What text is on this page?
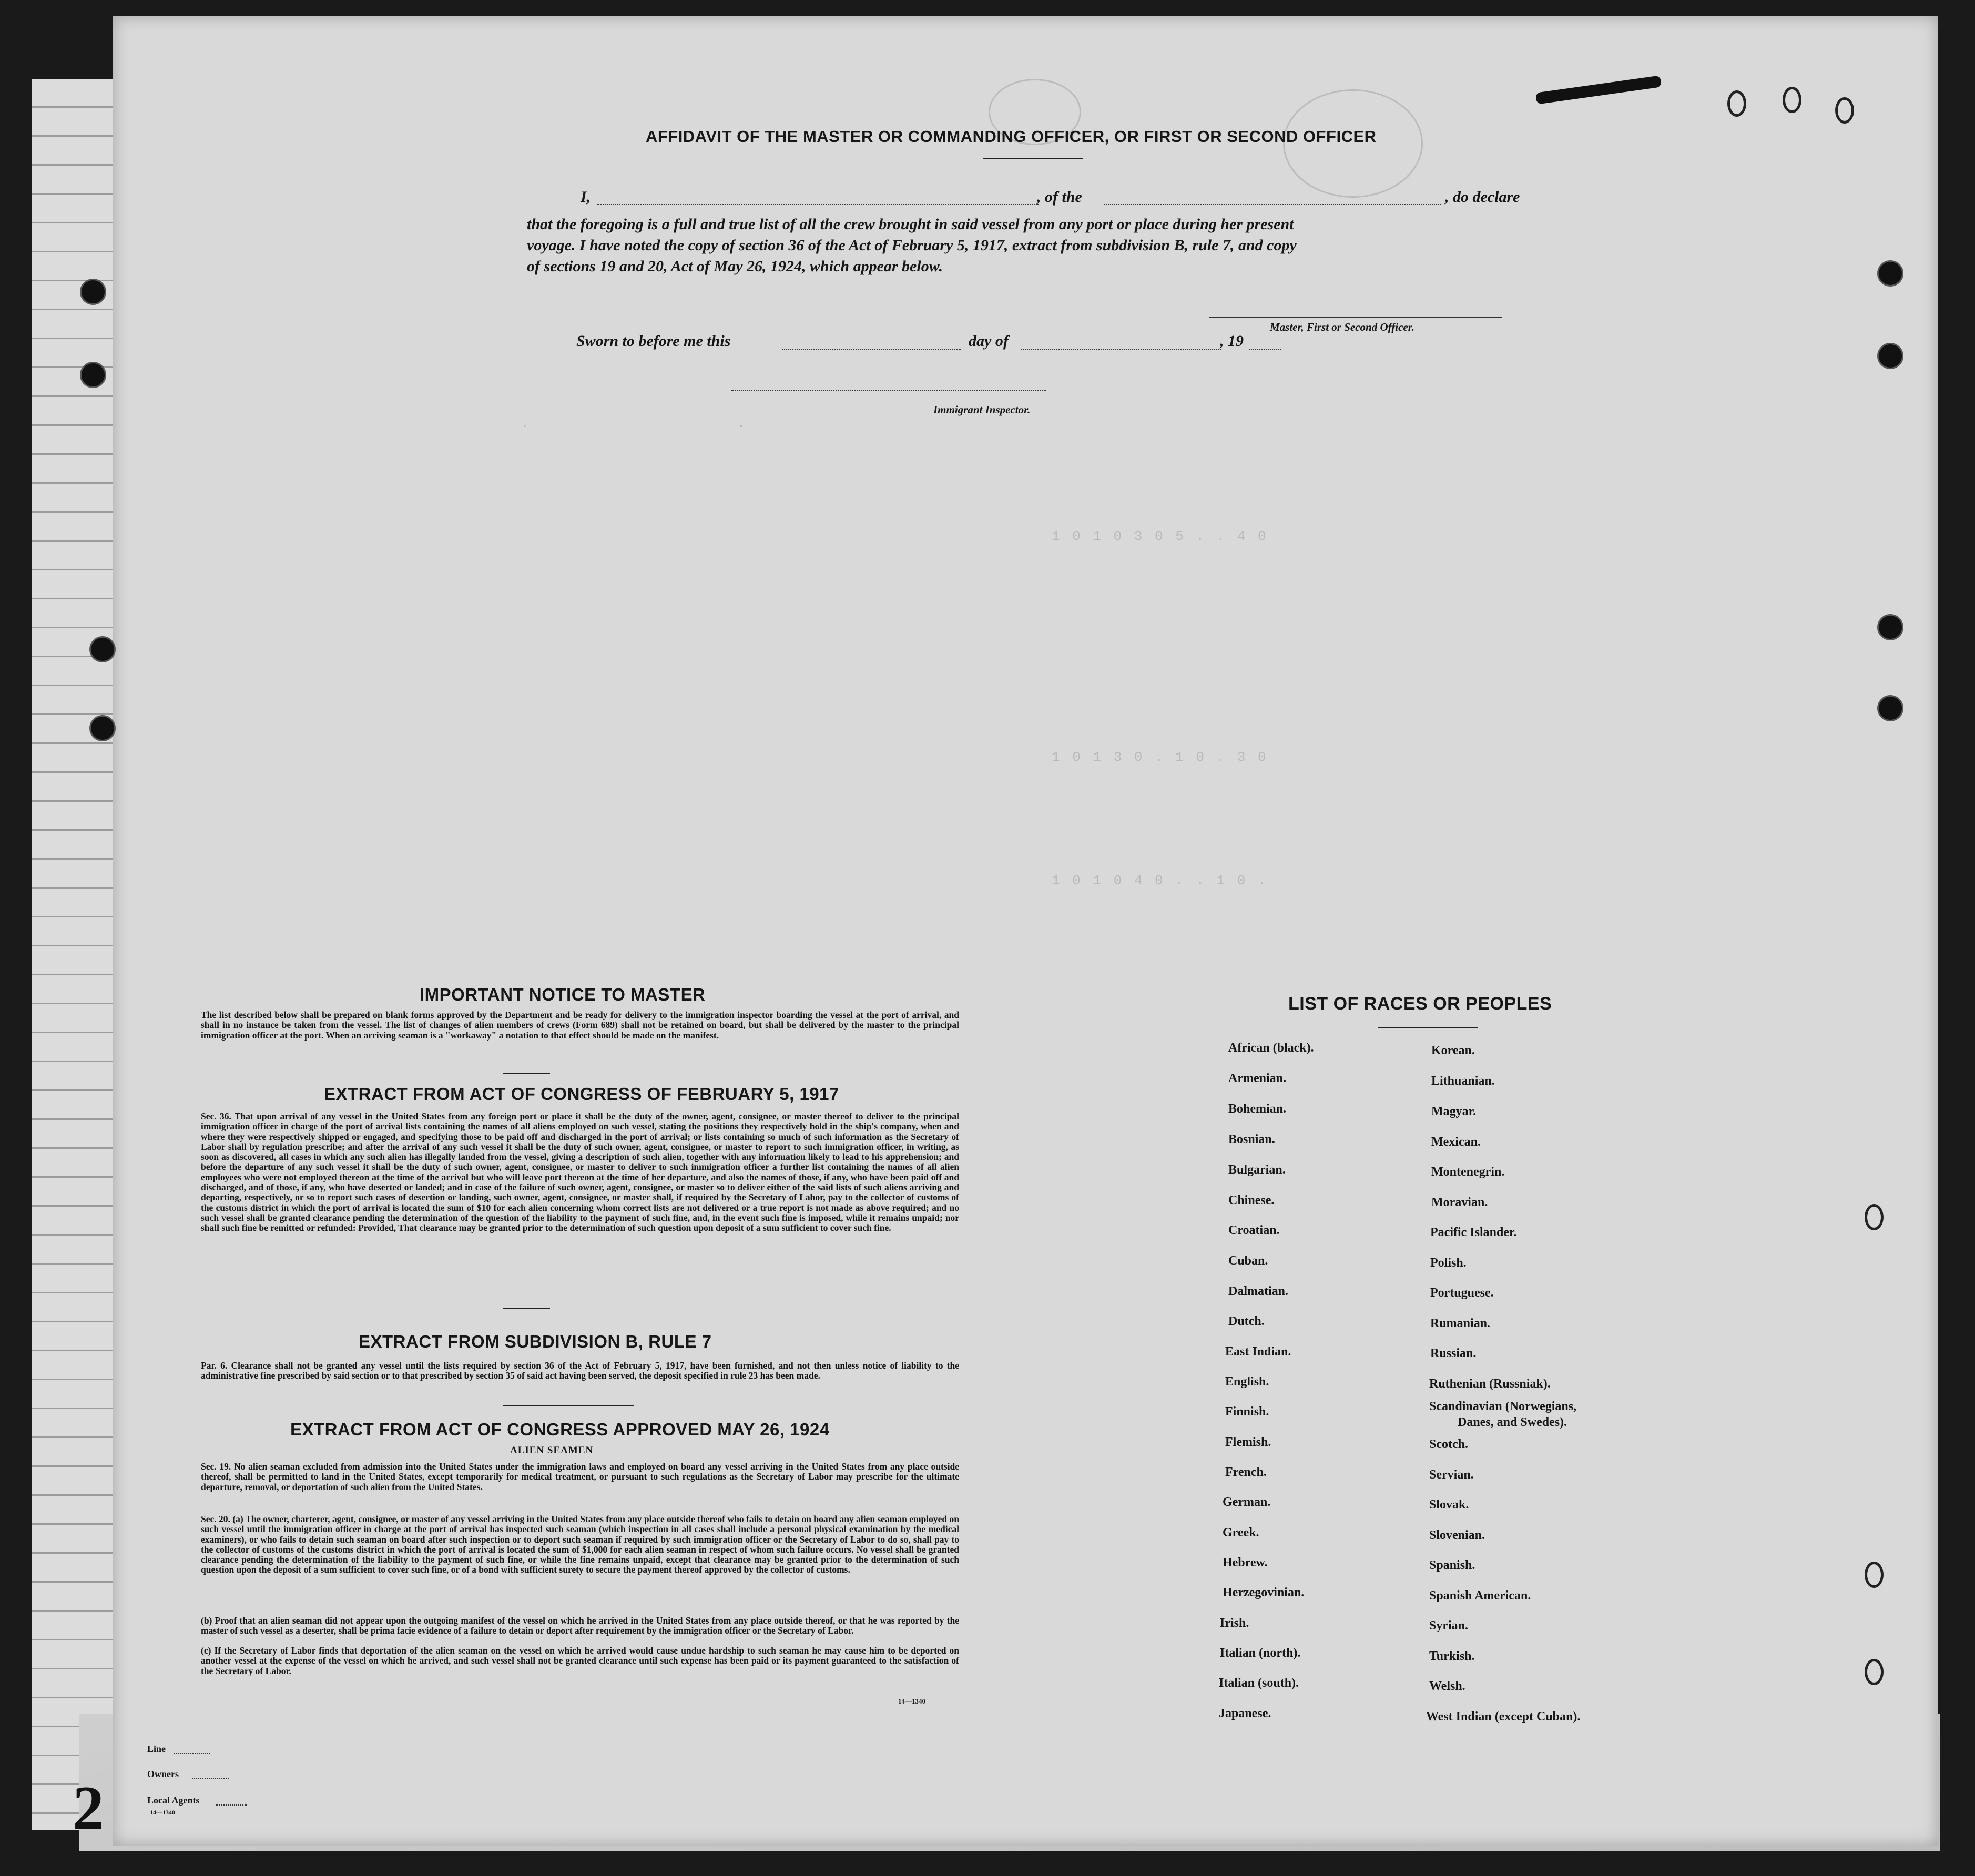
.                    .
1 0 1 0 3 0 5 . . 4 0
1 0 1 3 0 . 1 0 . 3 0
1 0 1 0 4 0 . . 1 0 .
AFFIDAVIT OF THE MASTER OR COMMANDING OFFICER, OR FIRST OR SECOND OFFICER
I,	, of the	, do declare
that the foregoing is a full and true list of all the crew brought in said vessel from any port or place during her present
voyage. I have noted the copy of section 36 of the Act of February 5, 1917, extract from subdivision B, rule 7, and copy
of sections 19 and 20, Act of May 26, 1924, which appear below.
Master, First or Second Officer.
Sworn to before me this	day of	, 19
Immigrant Inspector.
IMPORTANT NOTICE TO MASTER
The list described below shall be prepared on blank forms approved by the Department and be ready for delivery to the immigration inspector boarding the vessel at the port of arrival, and shall in no instance be taken from the vessel. The list of changes of alien members of crews (Form 689) shall not be retained on board, but shall be delivered by the master to the principal immigration officer at the port. When an arriving seaman is a "workaway" a notation to that effect should be made on the manifest.
EXTRACT FROM ACT OF CONGRESS OF FEBRUARY 5, 1917
Sec. 36. That upon arrival of any vessel in the United States from any foreign port or place it shall be the duty of the owner, agent, consignee, or master thereof to deliver to the principal immigration officer in charge of the port of arrival lists containing the names of all aliens employed on such vessel, stating the positions they respectively hold in the ship's company, when and where they were respectively shipped or engaged, and specifying those to be paid off and discharged in the port of arrival; or lists containing so much of such information as the Secretary of Labor shall by regulation prescribe; and after the arrival of any such vessel it shall be the duty of such owner, agent, consignee, or master to report to such immigration officer, in writing, as soon as discovered, all cases in which any such alien has illegally landed from the vessel, giving a description of such alien, together with any information likely to lead to his apprehension; and before the departure of any such vessel it shall be the duty of such owner, agent, consignee, or master to deliver to such immigration officer a further list containing the names of all alien employees who were not employed thereon at the time of the arrival but who will leave port thereon at the time of her departure, and also the names of those, if any, who have been paid off and discharged, and of those, if any, who have deserted or landed; and in case of the failure of such owner, agent, consignee, or master so to deliver either of the said lists of such aliens arriving and departing, respectively, or so to report such cases of desertion or landing, such owner, agent, consignee, or master shall, if required by the Secretary of Labor, pay to the collector of customs of the customs district in which the port of arrival is located the sum of $10 for each alien concerning whom correct lists are not delivered or a true report is not made as above required; and no such vessel shall be granted clearance pending the determination of the question of the liability to the payment of such fine, and, in the event such fine is imposed, while it remains unpaid; nor shall such fine be remitted or refunded: Provided, That clearance may be granted prior to the determination of such question upon deposit of a sum sufficient to cover such fine.
EXTRACT FROM SUBDIVISION B, RULE 7
Par. 6. Clearance shall not be granted any vessel until the lists required by section 36 of the Act of February 5, 1917, have been furnished, and not then unless notice of liability to the administrative fine prescribed by said section or to that prescribed by section 35 of said act having been served, the deposit specified in rule 23 has been made.
EXTRACT FROM ACT OF CONGRESS APPROVED MAY 26, 1924
ALIEN SEAMEN
Sec. 19. No alien seaman excluded from admission into the United States under the immigration laws and employed on board any vessel arriving in the United States from any place outside thereof, shall be permitted to land in the United States, except temporarily for medical treatment, or pursuant to such regulations as the Secretary of Labor may prescribe for the ultimate departure, removal, or deportation of such alien from the United States.
Sec. 20. (a) The owner, charterer, agent, consignee, or master of any vessel arriving in the United States from any place outside thereof who fails to detain on board any alien seaman employed on such vessel until the immigration officer in charge at the port of arrival has inspected such seaman (which inspection in all cases shall include a personal physical examination by the medical examiners), or who fails to detain such seaman on board after such inspection or to deport such seaman if required by such immigration officer or the Secretary of Labor to do so, shall pay to the collector of customs of the customs district in which the port of arrival is located the sum of $1,000 for each alien seaman in respect of whom such failure occurs. No vessel shall be granted clearance pending the determination of the liability to the payment of such fine, or while the fine remains unpaid, except that clearance may be granted prior to the determination of such question upon the deposit of a sum sufficient to cover such fine, or of a bond with sufficient surety to secure the payment thereof approved by the collector of customs.
(b) Proof that an alien seaman did not appear upon the outgoing manifest of the vessel on which he arrived in the United States from any place outside thereof, or that he was reported by the master of such vessel as a deserter, shall be prima facie evidence of a failure to detain or deport after requirement by the immigration officer or the Secretary of Labor.
(c) If the Secretary of Labor finds that deportation of the alien seaman on the vessel on which he arrived would cause undue hardship to such seaman he may cause him to be deported on another vessel at the expense of the vessel on which he arrived, and such vessel shall not be granted clearance until such expense has been paid or its payment guaranteed to the satisfaction of the Secretary of Labor.
14—1340
LIST OF RACES OR PEOPLES
African (black).
Armenian.
Bohemian.
Bosnian.
Bulgarian.
Chinese.
Croatian.
Cuban.
Dalmatian.
Dutch.
East Indian.
English.
Finnish.
Flemish.
French.
German.
Greek.
Hebrew.
Herzegovinian.
Irish.
Italian (north).
Italian (south).
Japanese.
Korean.
Lithuanian.
Magyar.
Mexican.
Montenegrin.
Moravian.
Pacific Islander.
Polish.
Portuguese.
Rumanian.
Russian.
Ruthenian (Russniak).
Scandinavian (Norwegians,
Danes, and Swedes).
Scotch.
Servian.
Slovak.
Slovenian.
Spanish.
Spanish American.
Syrian.
Turkish.
Welsh.
West Indian (except Cuban).
Line
Owners
Local Agents
14—1340
2
